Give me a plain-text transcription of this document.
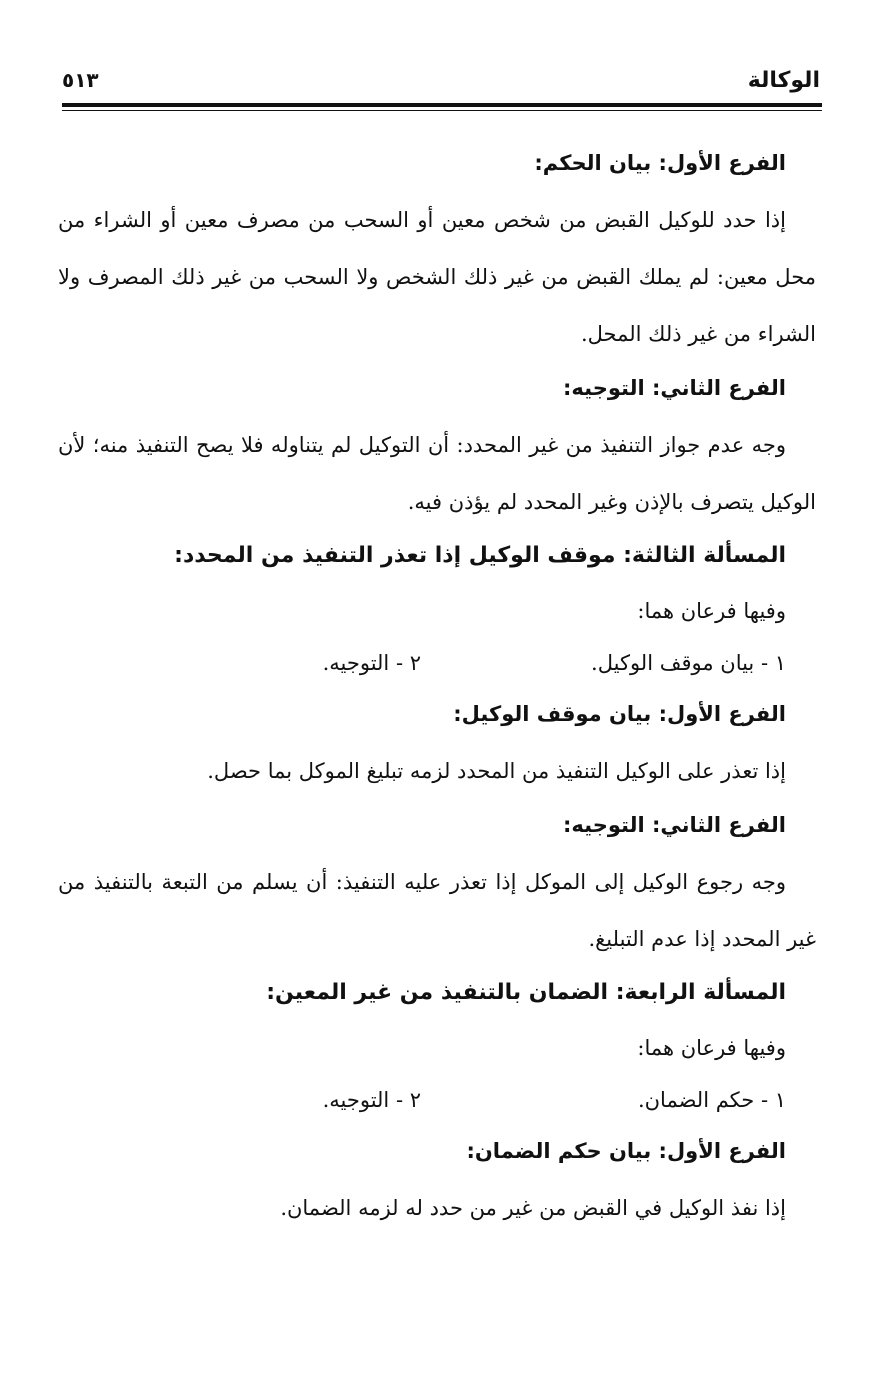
الوكالة
٥١٣
الفرع الأول: بيان الحكم:

إذا حدد للوكيل القبض من شخص معين أو السحب من مصرف معين أو الشراء من محل معين: لم يملك القبض من غير ذلك الشخص ولا السحب من غير ذلك المصرف ولا الشراء من غير ذلك المحل.

الفرع الثاني: التوجيه:

وجه عدم جواز التنفيذ من غير المحدد: أن التوكيل لم يتناوله فلا يصح التنفيذ منه؛ لأن الوكيل يتصرف بالإذن وغير المحدد لم يؤذن فيه.

المسألة الثالثة: موقف الوكيل إذا تعذر التنفيذ من المحدد:
وفيها فرعان هما:
١ - بيان موقف الوكيل.
٢ - التوجيه.
الفرع الأول: بيان موقف الوكيل:

إذا تعذر على الوكيل التنفيذ من المحدد لزمه تبليغ الموكل بما حصل.

الفرع الثاني: التوجيه:

وجه رجوع الوكيل إلى الموكل إذا تعذر عليه التنفيذ: أن يسلم من التبعة بالتنفيذ من غير المحدد إذا عدم التبليغ.

المسألة الرابعة: الضمان بالتنفيذ من غير المعين:
وفيها فرعان هما:
١ - حكم الضمان.
٢ - التوجيه.
الفرع الأول: بيان حكم الضمان:

إذا نفذ الوكيل في القبض من غير من حدد له لزمه الضمان.
